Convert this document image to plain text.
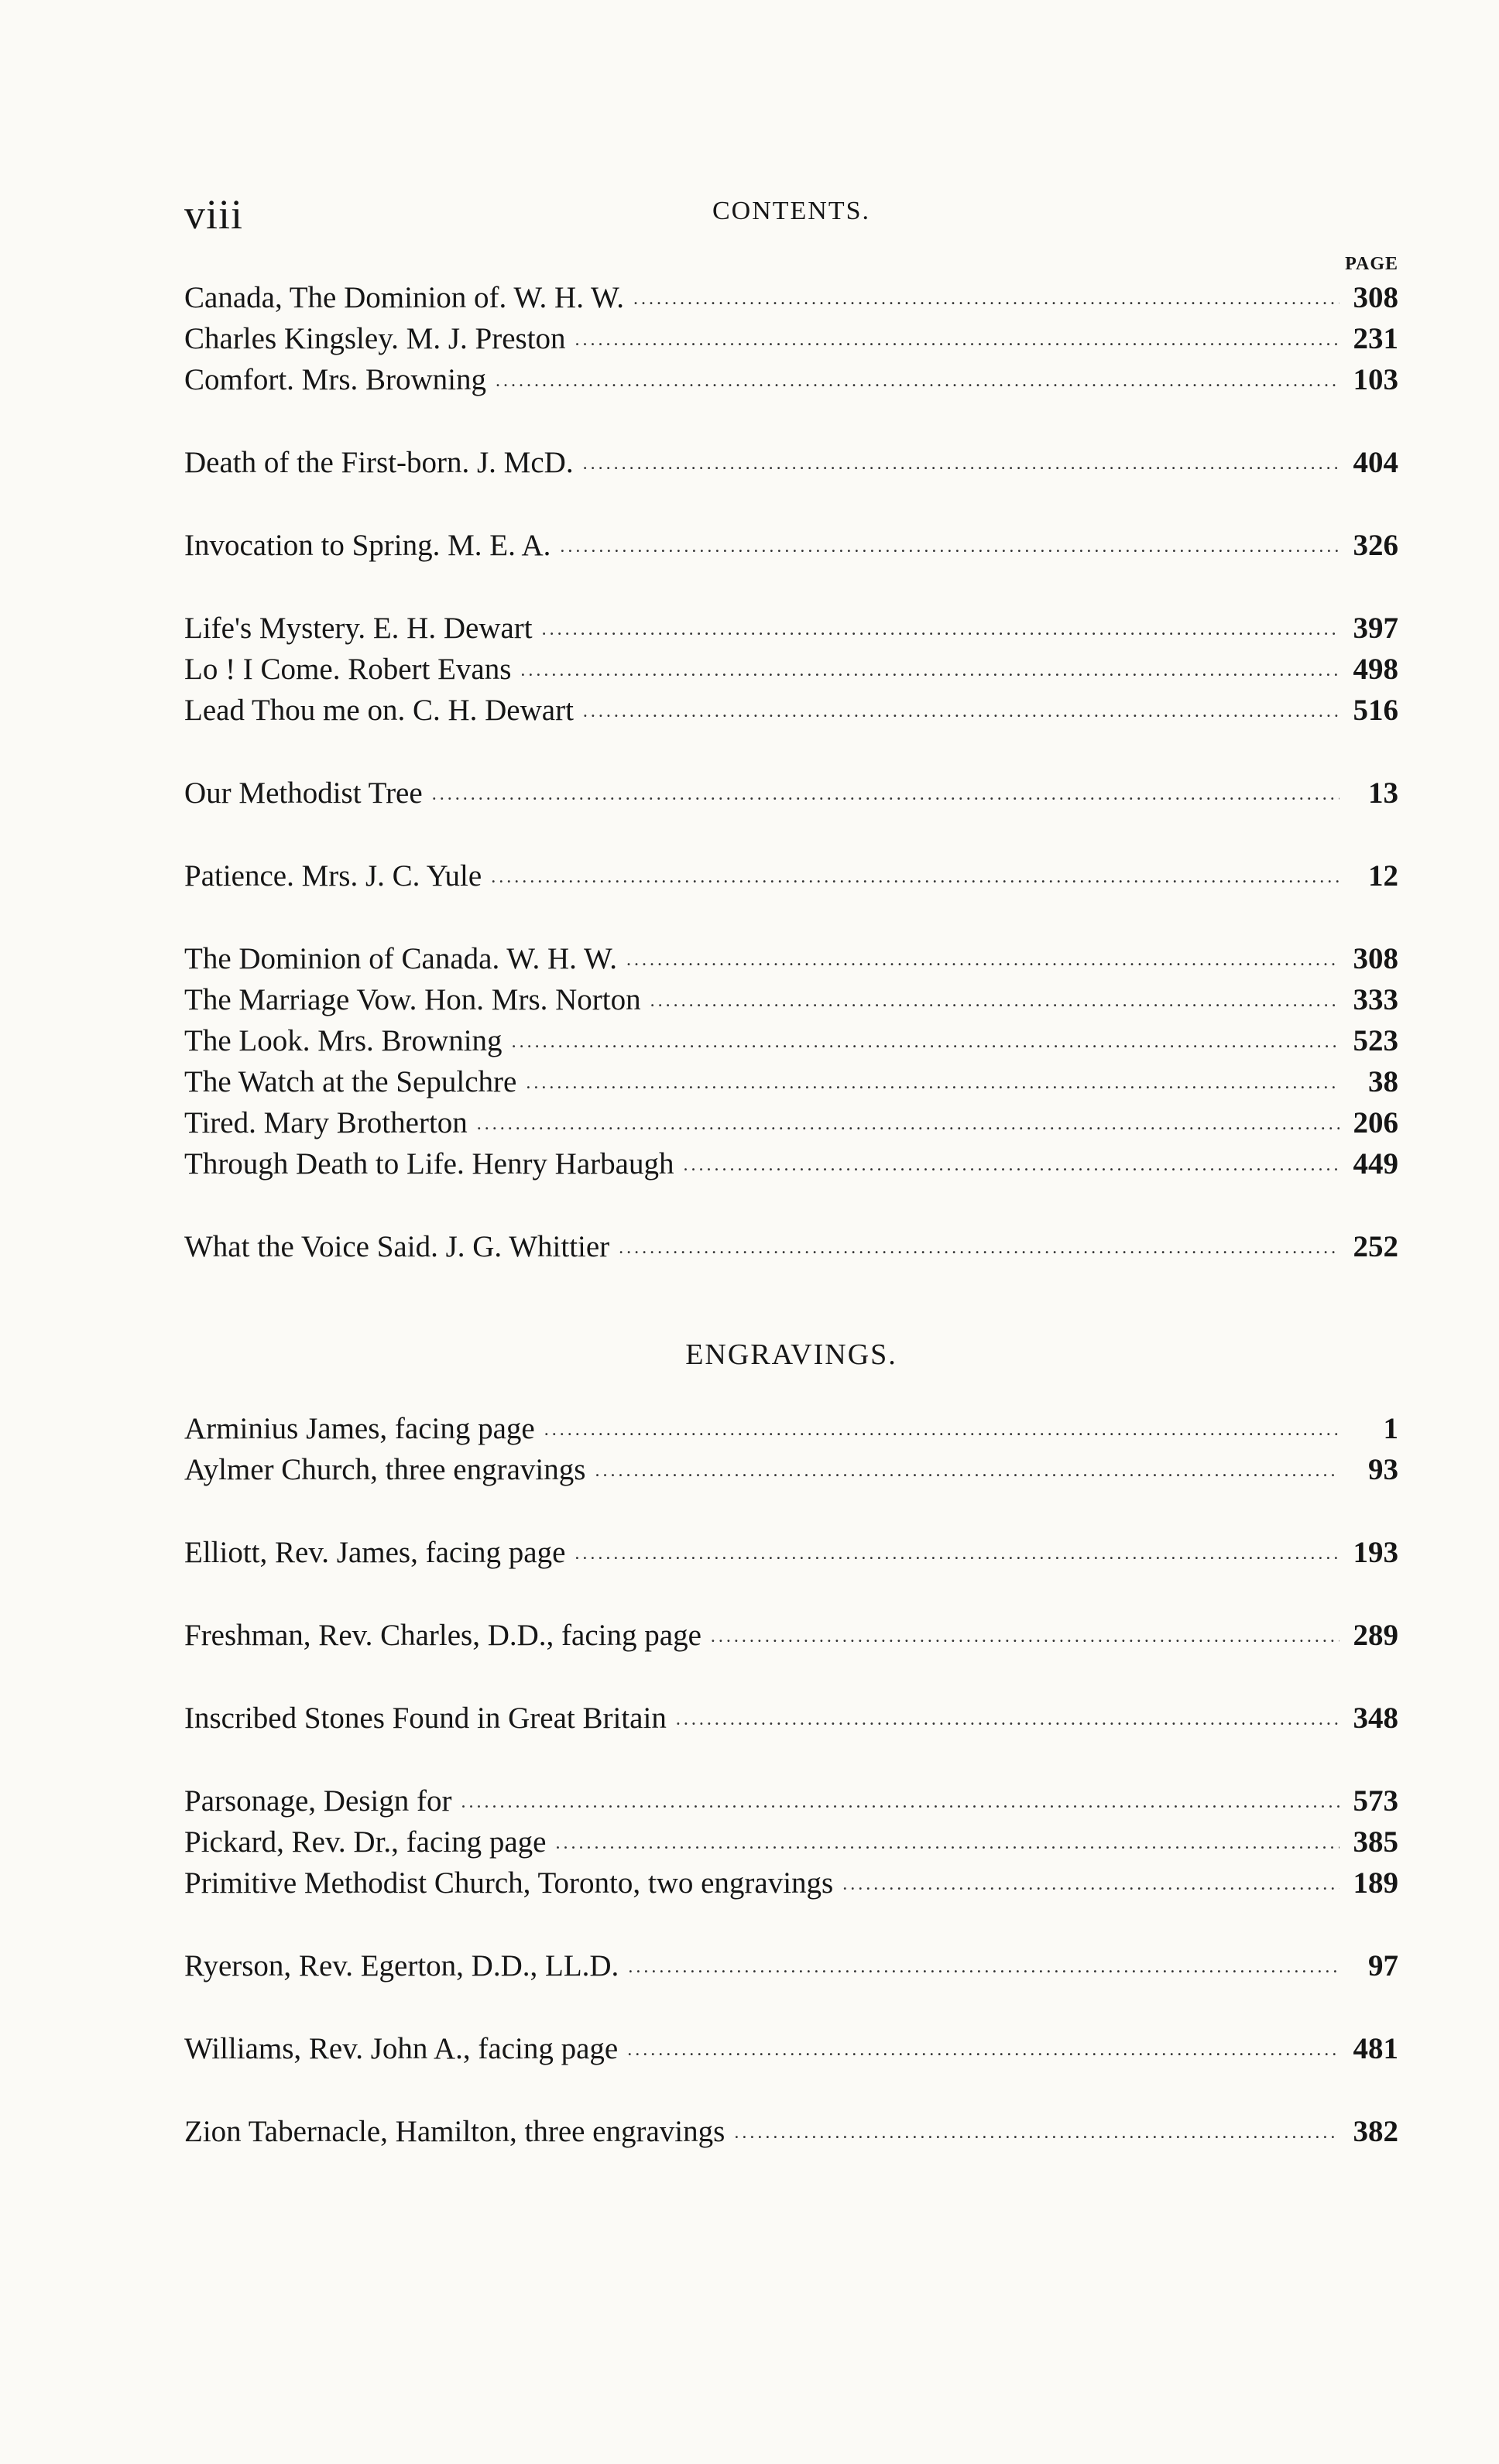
viii	CONTENTS.
PAGE
Canada, The Dominion of. W. H. W. .....	308
Charles Kingsley. M. J. Preston .....	231
Comfort. Mrs. Browning .....	103
Death of the First-born. J. McD. .....	404
Invocation to Spring. M. E. A. .....	326
Life's Mystery. E. H. Dewart .....	397
Lo ! I Come. Robert Evans .....	498
Lead Thou me on. C. H. Dewart .....	516
Our Methodist Tree .....	13
Patience. Mrs. J. C. Yule .....	12
The Dominion of Canada. W. H. W. .....	308
The Marriage Vow. Hon. Mrs. Norton .....	333
The Look. Mrs. Browning .....	523
The Watch at the Sepulchre .....	38
Tired. Mary Brotherton .....	206
Through Death to Life. Henry Harbaugh .....	449
What the Voice Said. J. G. Whittier .....	252
ENGRAVINGS.
Arminius James, facing page .....	1
Aylmer Church, three engravings .....	93
Elliott, Rev. James, facing page .....	193
Freshman, Rev. Charles, D.D., facing page .....	289
Inscribed Stones Found in Great Britain .....	348
Parsonage, Design for .....	573
Pickard, Rev. Dr., facing page .....	385
Primitive Methodist Church, Toronto, two engravings .....	189
Ryerson, Rev. Egerton, D.D., LL.D. .....	97
Williams, Rev. John A., facing page .....	481
Zion Tabernacle, Hamilton, three engravings .....	382
